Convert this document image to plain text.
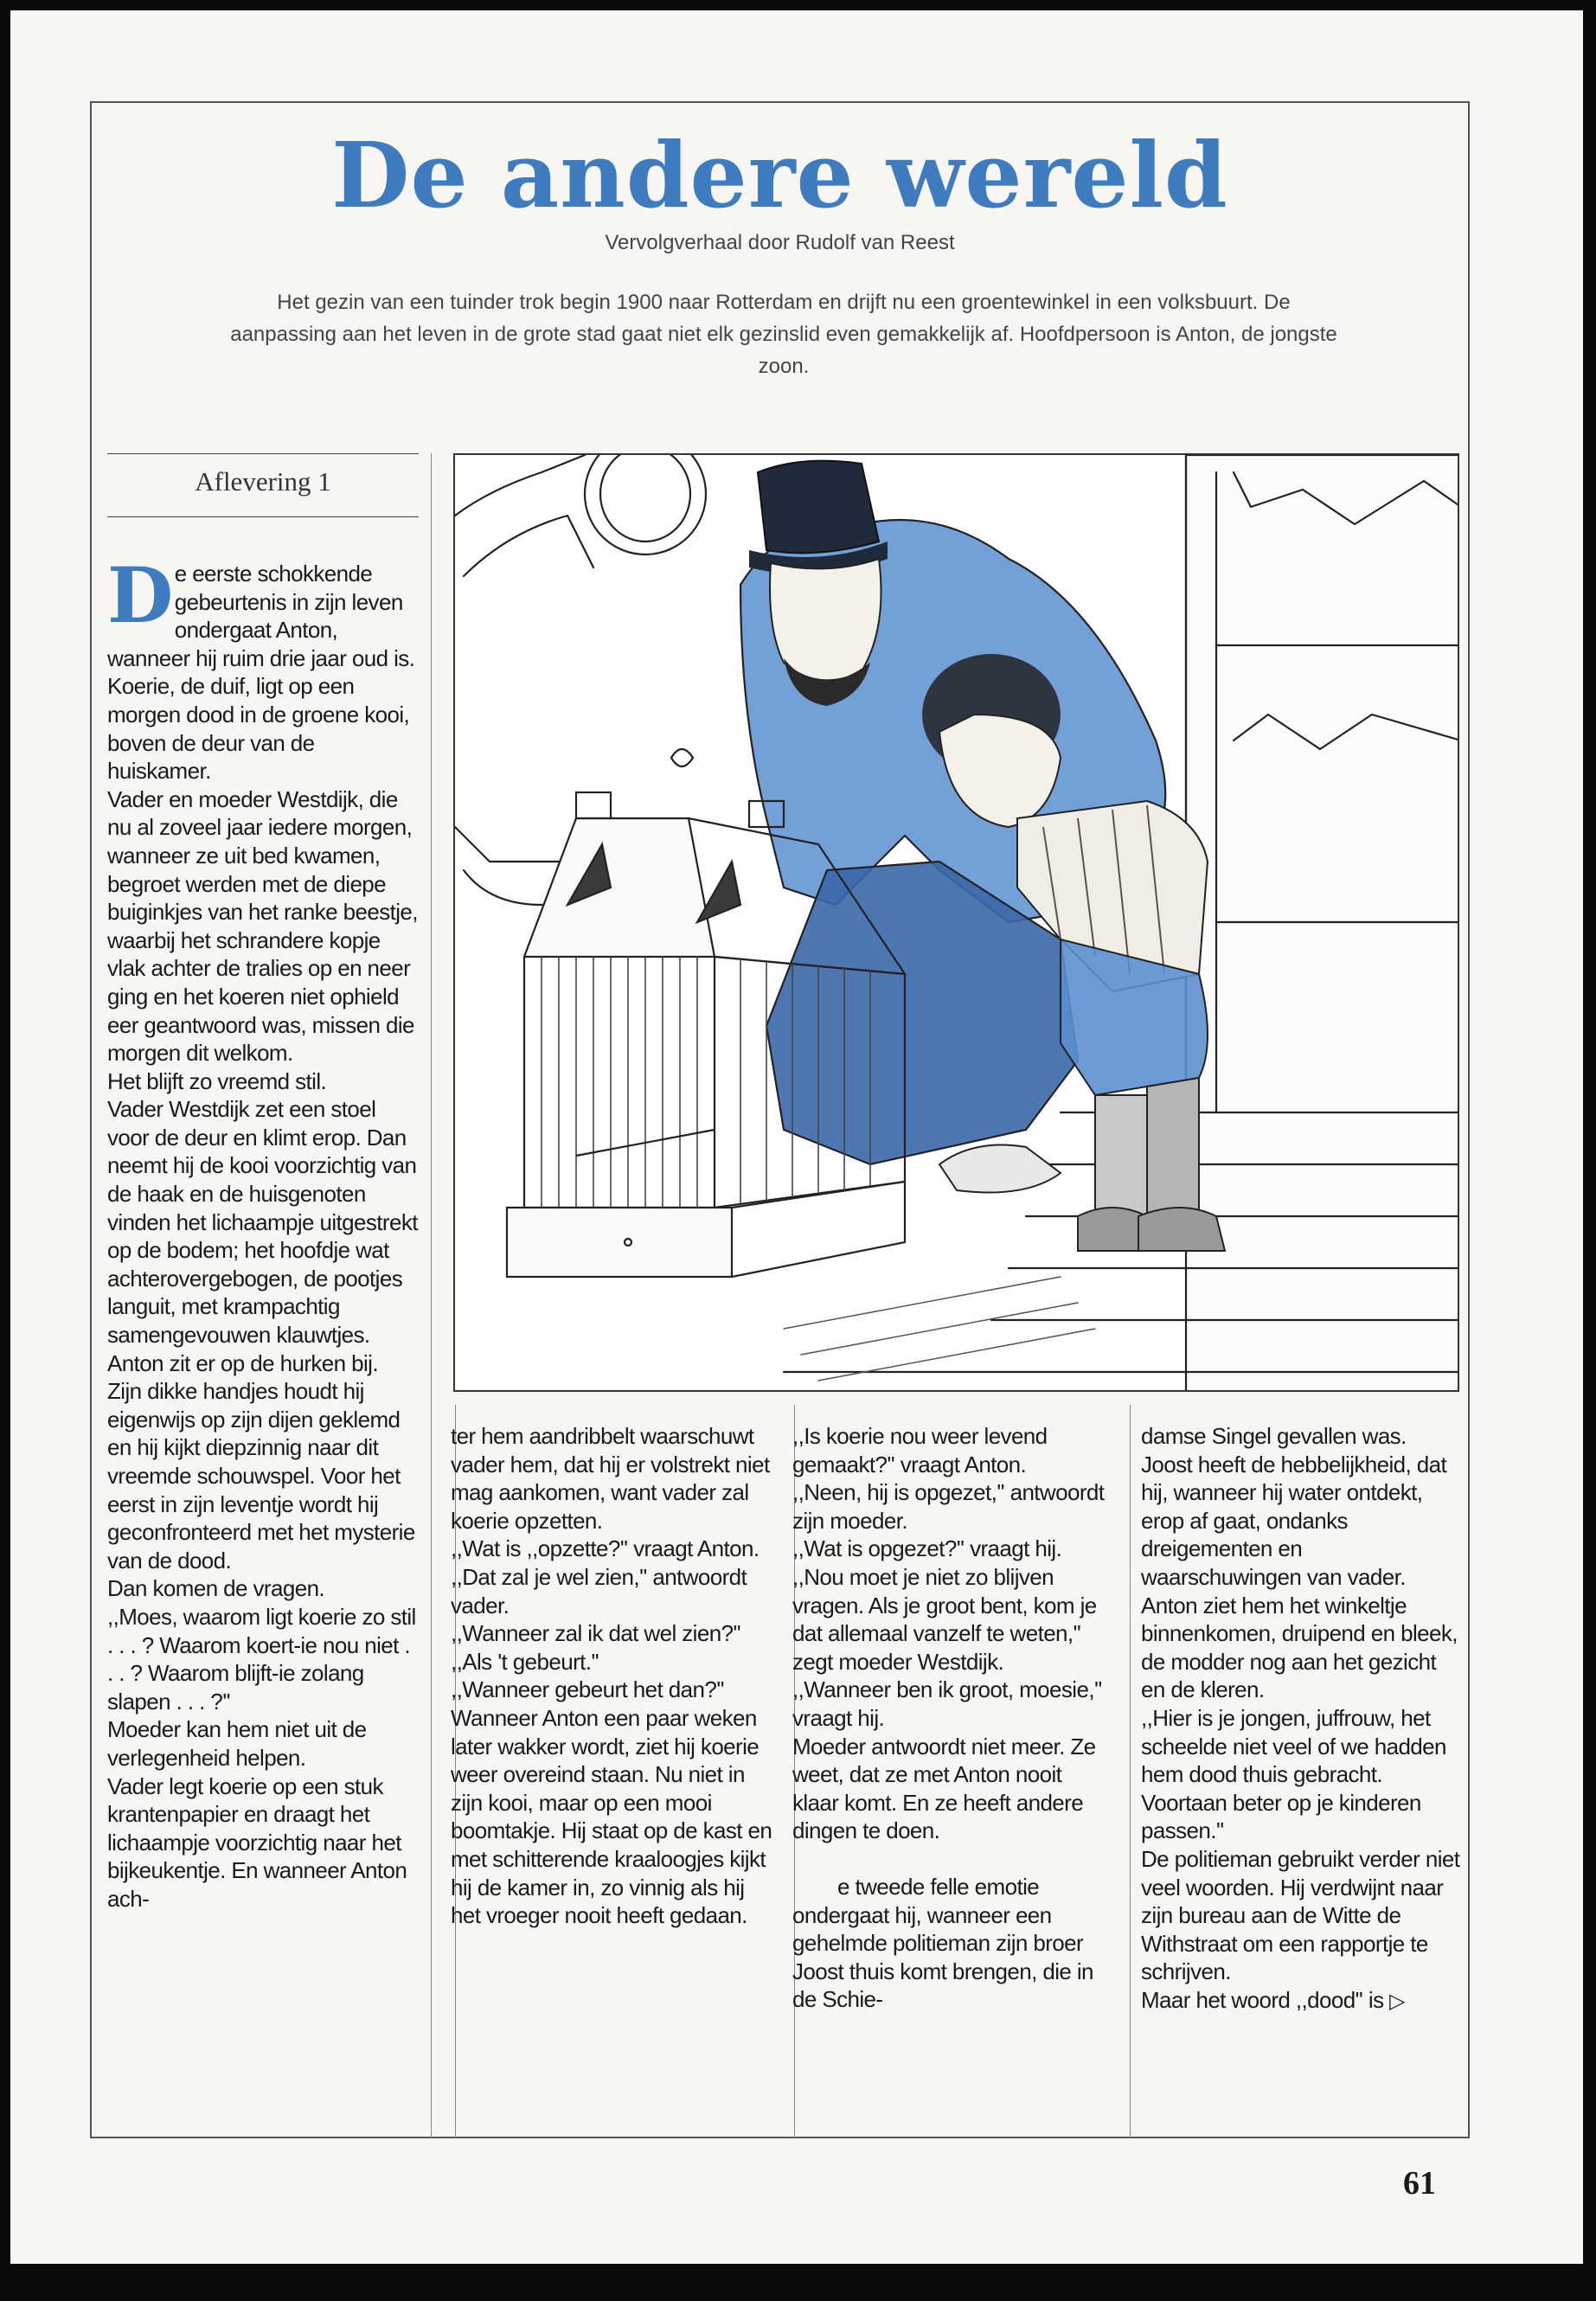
De andere wereld
Vervolgverhaal door Rudolf van Reest
Het gezin van een tuinder trok begin 1900 naar Rotterdam en drijft nu een groentewinkel in een volksbuurt. De aanpassing aan het leven in de grote stad gaat niet elk gezinslid even gemakkelijk af. Hoofdpersoon is Anton, de jongste zoon.
Aflevering 1

De eerste schokkende gebeurtenis in zijn leven ondergaat Anton, wanneer hij ruim drie jaar oud is.

Koerie, de duif, ligt op een morgen dood in de groene kooi, boven de deur van de huiskamer.

Vader en moeder Westdijk, die nu al zoveel jaar iedere morgen, wanneer ze uit bed kwamen, begroet werden met de diepe buiginkjes van het ranke beestje, waarbij het schrandere kopje vlak achter de tralies op en neer ging en het koeren niet ophield eer geantwoord was, missen die morgen dit welkom.

Het blijft zo vreemd stil.

Vader Westdijk zet een stoel voor de deur en klimt erop. Dan neemt hij de kooi voorzichtig van de haak en de huisgenoten vinden het lichaampje uitgestrekt op de bodem; het hoofdje wat achterovergebogen, de pootjes languit, met krampachtig samengevouwen klauwtjes.

Anton zit er op de hurken bij.

Zijn dikke handjes houdt hij eigenwijs op zijn dijen geklemd en hij kijkt diepzinnig naar dit vreemde schouwspel. Voor het eerst in zijn leventje wordt hij geconfronteerd met het mysterie van de dood.

Dan komen de vragen.

,,Moes, waarom ligt koerie zo stil . . . ? Waarom koert-ie nou niet . . . ? Waarom blijft-ie zolang slapen . . . ?''

Moeder kan hem niet uit de verlegenheid helpen.

Vader legt koerie op een stuk krantenpapier en draagt het lichaampje voorzichtig naar het bijkeukentje. En wanneer Anton ach-

ter hem aandribbelt waarschuwt vader hem, dat hij er volstrekt niet mag aankomen, want vader zal koerie opzetten.

,,Wat is ,,opzette?'' vraagt Anton.

,,Dat zal je wel zien,'' antwoordt vader.

,,Wanneer zal ik dat wel zien?''

,,Als 't gebeurt.''

,,Wanneer gebeurt het dan?''

Wanneer Anton een paar weken later wakker wordt, ziet hij koerie weer overeind staan. Nu niet in zijn kooi, maar op een mooi boomtakje. Hij staat op de kast en met schitterende kraaloogjes kijkt hij de kamer in, zo vinnig als hij het vroeger nooit heeft gedaan.

,,Is koerie nou weer levend gemaakt?'' vraagt Anton.

,,Neen, hij is opgezet,'' antwoordt zijn moeder.

,,Wat is opgezet?'' vraagt hij.

,,Nou moet je niet zo blijven vragen. Als je groot bent, kom je dat allemaal vanzelf te weten,'' zegt moeder Westdijk.

,,Wanneer ben ik groot, moesie,'' vraagt hij.

Moeder antwoordt niet meer. Ze weet, dat ze met Anton nooit klaar komt. En ze heeft andere dingen te doen.

e tweede felle emotie ondergaat hij, wanneer een gehelmde politieman zijn broer Joost thuis komt brengen, die in de Schie-

damse Singel gevallen was.

Joost heeft de hebbelijkheid, dat hij, wanneer hij water ontdekt, erop af gaat, ondanks dreigementen en waarschuwingen van vader.

Anton ziet hem het winkeltje binnenkomen, druipend en bleek, de modder nog aan het gezicht en de kleren.

,,Hier is je jongen, juffrouw, het scheelde niet veel of we hadden hem dood thuis gebracht. Voortaan beter op je kinderen passen.''

De politieman gebruikt verder niet veel woorden. Hij verdwijnt naar zijn bureau aan de Witte de Withstraat om een rapportje te schrijven.

Maar het woord ,,dood'' is ▷

61
